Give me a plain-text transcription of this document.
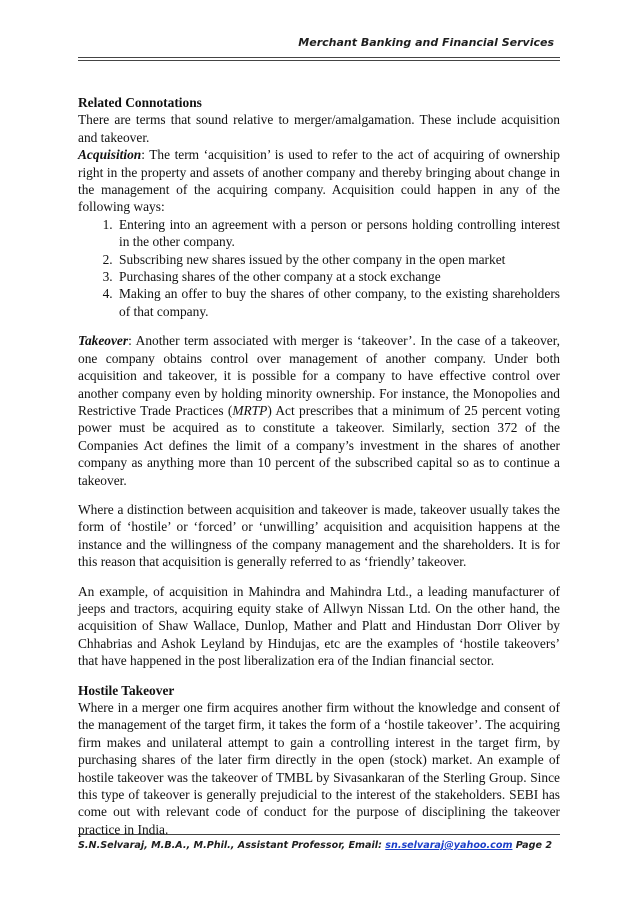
Merchant Banking and Financial Services

Related Connotations

There are terms that sound relative to merger/amalgamation. These include acquisition and takeover.

Acquisition: The term ‘acquisition’ is used to refer to the act of acquiring of ownership right in the property and assets of another company and thereby bringing about change in the management of the acquiring company. Acquisition could happen in any of the following ways:

1. Entering into an agreement with a person or persons holding controlling interest in the other company.
2. Subscribing new shares issued by the other company in the open market
3. Purchasing shares of the other company at a stock exchange
4. Making an offer to buy the shares of other company, to the existing shareholders of that company.

Takeover: Another term associated with merger is ‘takeover’. In the case of a takeover, one company obtains control over management of another company. Under both acquisition and takeover, it is possible for a company to have effective control over another company even by holding minority ownership. For instance, the Monopolies and Restrictive Trade Practices (MRTP) Act prescribes that a minimum of 25 percent voting power must be acquired as to constitute a takeover. Similarly, section 372 of the Companies Act defines the limit of a company’s investment in the shares of another company as anything more than 10 percent of the subscribed capital so as to continue a takeover.

Where a distinction between acquisition and takeover is made, takeover usually takes the form of ‘hostile’ or ‘forced’ or ‘unwilling’ acquisition and acquisition happens at the instance and the willingness of the company management and the shareholders. It is for this reason that acquisition is generally referred to as ‘friendly’ takeover.

An example, of acquisition in Mahindra and Mahindra Ltd., a leading manufacturer of jeeps and tractors, acquiring equity stake of Allwyn Nissan Ltd. On the other hand, the acquisition of Shaw Wallace, Dunlop, Mather and Platt and Hindustan Dorr Oliver by Chhabrias and Ashok Leyland by Hindujas, etc are the examples of ‘hostile takeovers’ that have happened in the post liberalization era of the Indian financial sector.

Hostile Takeover

Where in a merger one firm acquires another firm without the knowledge and consent of the management of the target firm, it takes the form of a ‘hostile takeover’. The acquiring firm makes and unilateral attempt to gain a controlling interest in the target firm, by purchasing shares of the later firm directly in the open (stock) market. An example of hostile takeover was the takeover of TMBL by Sivasankaran of the Sterling Group. Since this type of takeover is generally prejudicial to the interest of the stakeholders. SEBI has come out with relevant code of conduct for the purpose of disciplining the takeover practice in India.

S.N.Selvaraj, M.B.A., M.Phil., Assistant Professor, Email: sn.selvaraj@yahoo.com Page 2
